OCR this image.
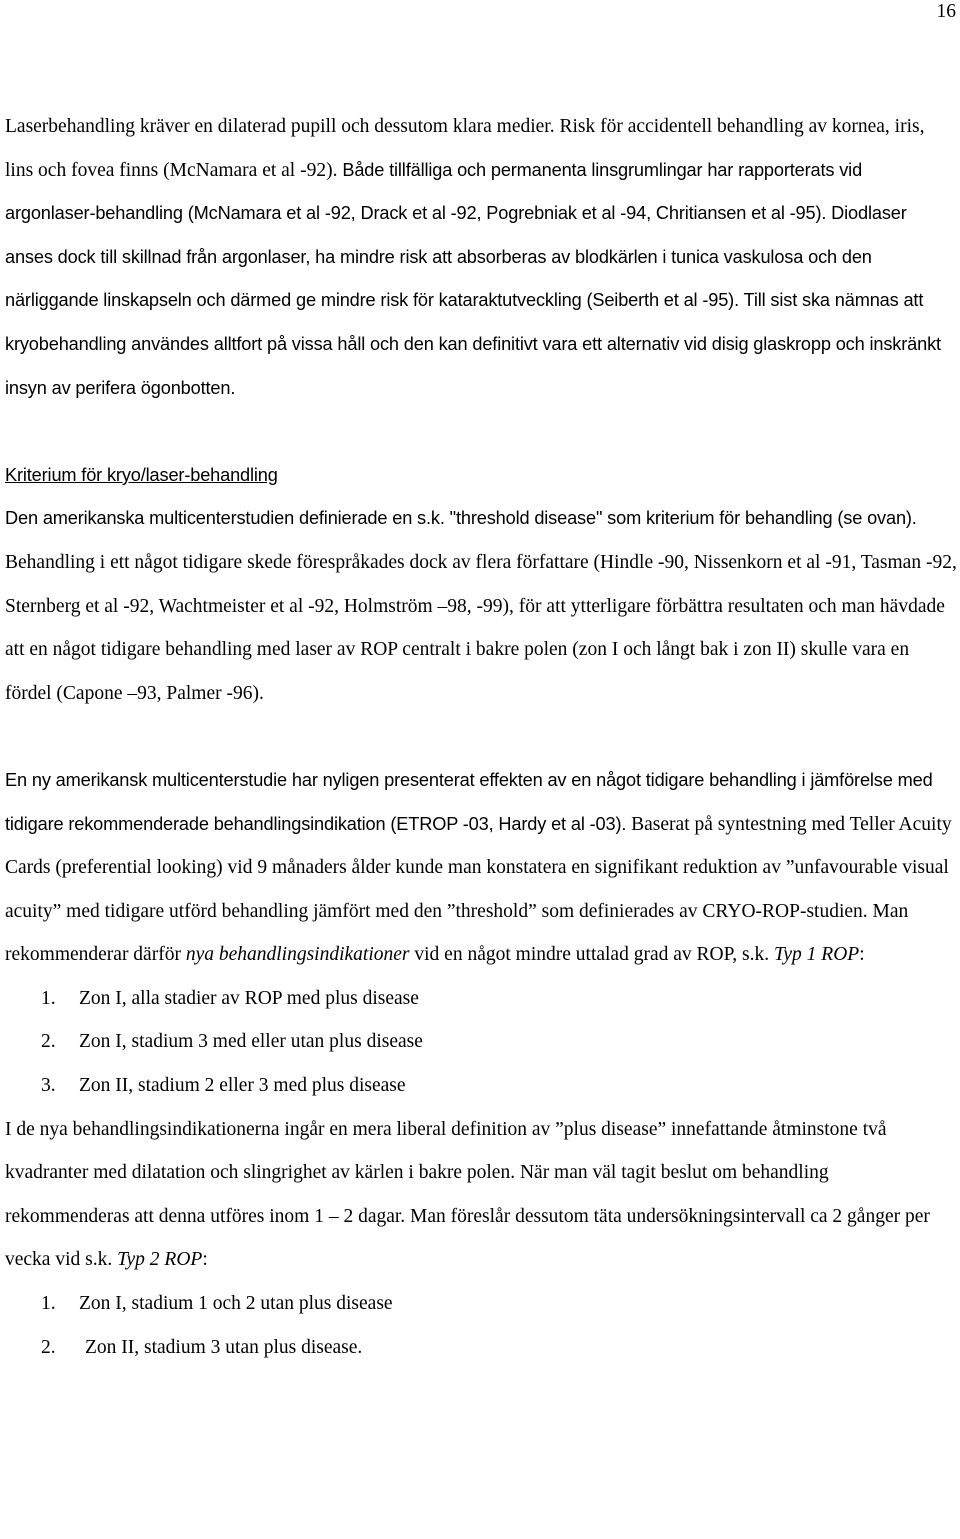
16

Laserbehandling kräver en dilaterad pupill och dessutom klara medier. Risk för accidentell behandling av kornea, iris, lins och fovea finns (McNamara et al -92). Både tillfälliga och permanenta linsgrumlingar har rapporterats vid argonlaser-behandling (McNamara et al -92, Drack et al -92, Pogrebniak et al -94, Chritiansen et al -95). Diodlaser anses dock till skillnad från argonlaser, ha mindre risk att absorberas av blodkärlen i tunica vaskulosa och den närliggande linskapseln och därmed ge mindre risk för kataraktutveckling (Seiberth et al -95). Till sist ska nämnas att kryobehandling användes alltfort på vissa håll och den kan definitivt vara ett alternativ vid disig glaskropp och inskränkt insyn av perifera ögonbotten.

Kriterium för kryo/laser-behandling

Den amerikanska multicenterstudien definierade en s.k. "threshold disease" som kriterium för behandling (se ovan). Behandling i ett något tidigare skede förespråkades dock av flera författare (Hindle -90, Nissenkorn et al -91, Tasman -92, Sternberg et al -92, Wachtmeister et al -92, Holmström –98, -99), för att ytterligare förbättra resultaten och man hävdade att en något tidigare behandling med laser av ROP centralt i bakre polen (zon I och långt bak i zon II) skulle vara en fördel (Capone –93, Palmer -96).

En ny amerikansk multicenterstudie har nyligen presenterat effekten av en något tidigare behandling i jämförelse med tidigare rekommenderade behandlingsindikation (ETROP -03, Hardy et al -03). Baserat på syntestning med Teller Acuity Cards (preferential looking) vid 9 månaders ålder kunde man konstatera en signifikant reduktion av ”unfavourable visual acuity” med tidigare utförd behandling jämfört med den ”threshold” som definierades av CRYO-ROP-studien. Man rekommenderar därför nya behandlingsindikationer vid en något mindre uttalad grad av ROP, s.k. Typ 1 ROP:

1.	Zon I, alla stadier av ROP med plus disease
2.	Zon I, stadium 3 med eller utan plus disease
3.	Zon II, stadium 2 eller 3 med plus disease

I de nya behandlingsindikationerna ingår en mera liberal definition av ”plus disease” innefattande åtminstone två kvadranter med dilatation och slingrighet av kärlen i bakre polen. När man väl tagit beslut om behandling rekommenderas att denna utföres inom 1 – 2 dagar. Man föreslår dessutom täta undersökningsintervall ca 2 gånger per vecka vid s.k. Typ 2 ROP:

1.	Zon I, stadium 1 och 2 utan plus disease
2.	Zon II, stadium 3 utan plus disease.
